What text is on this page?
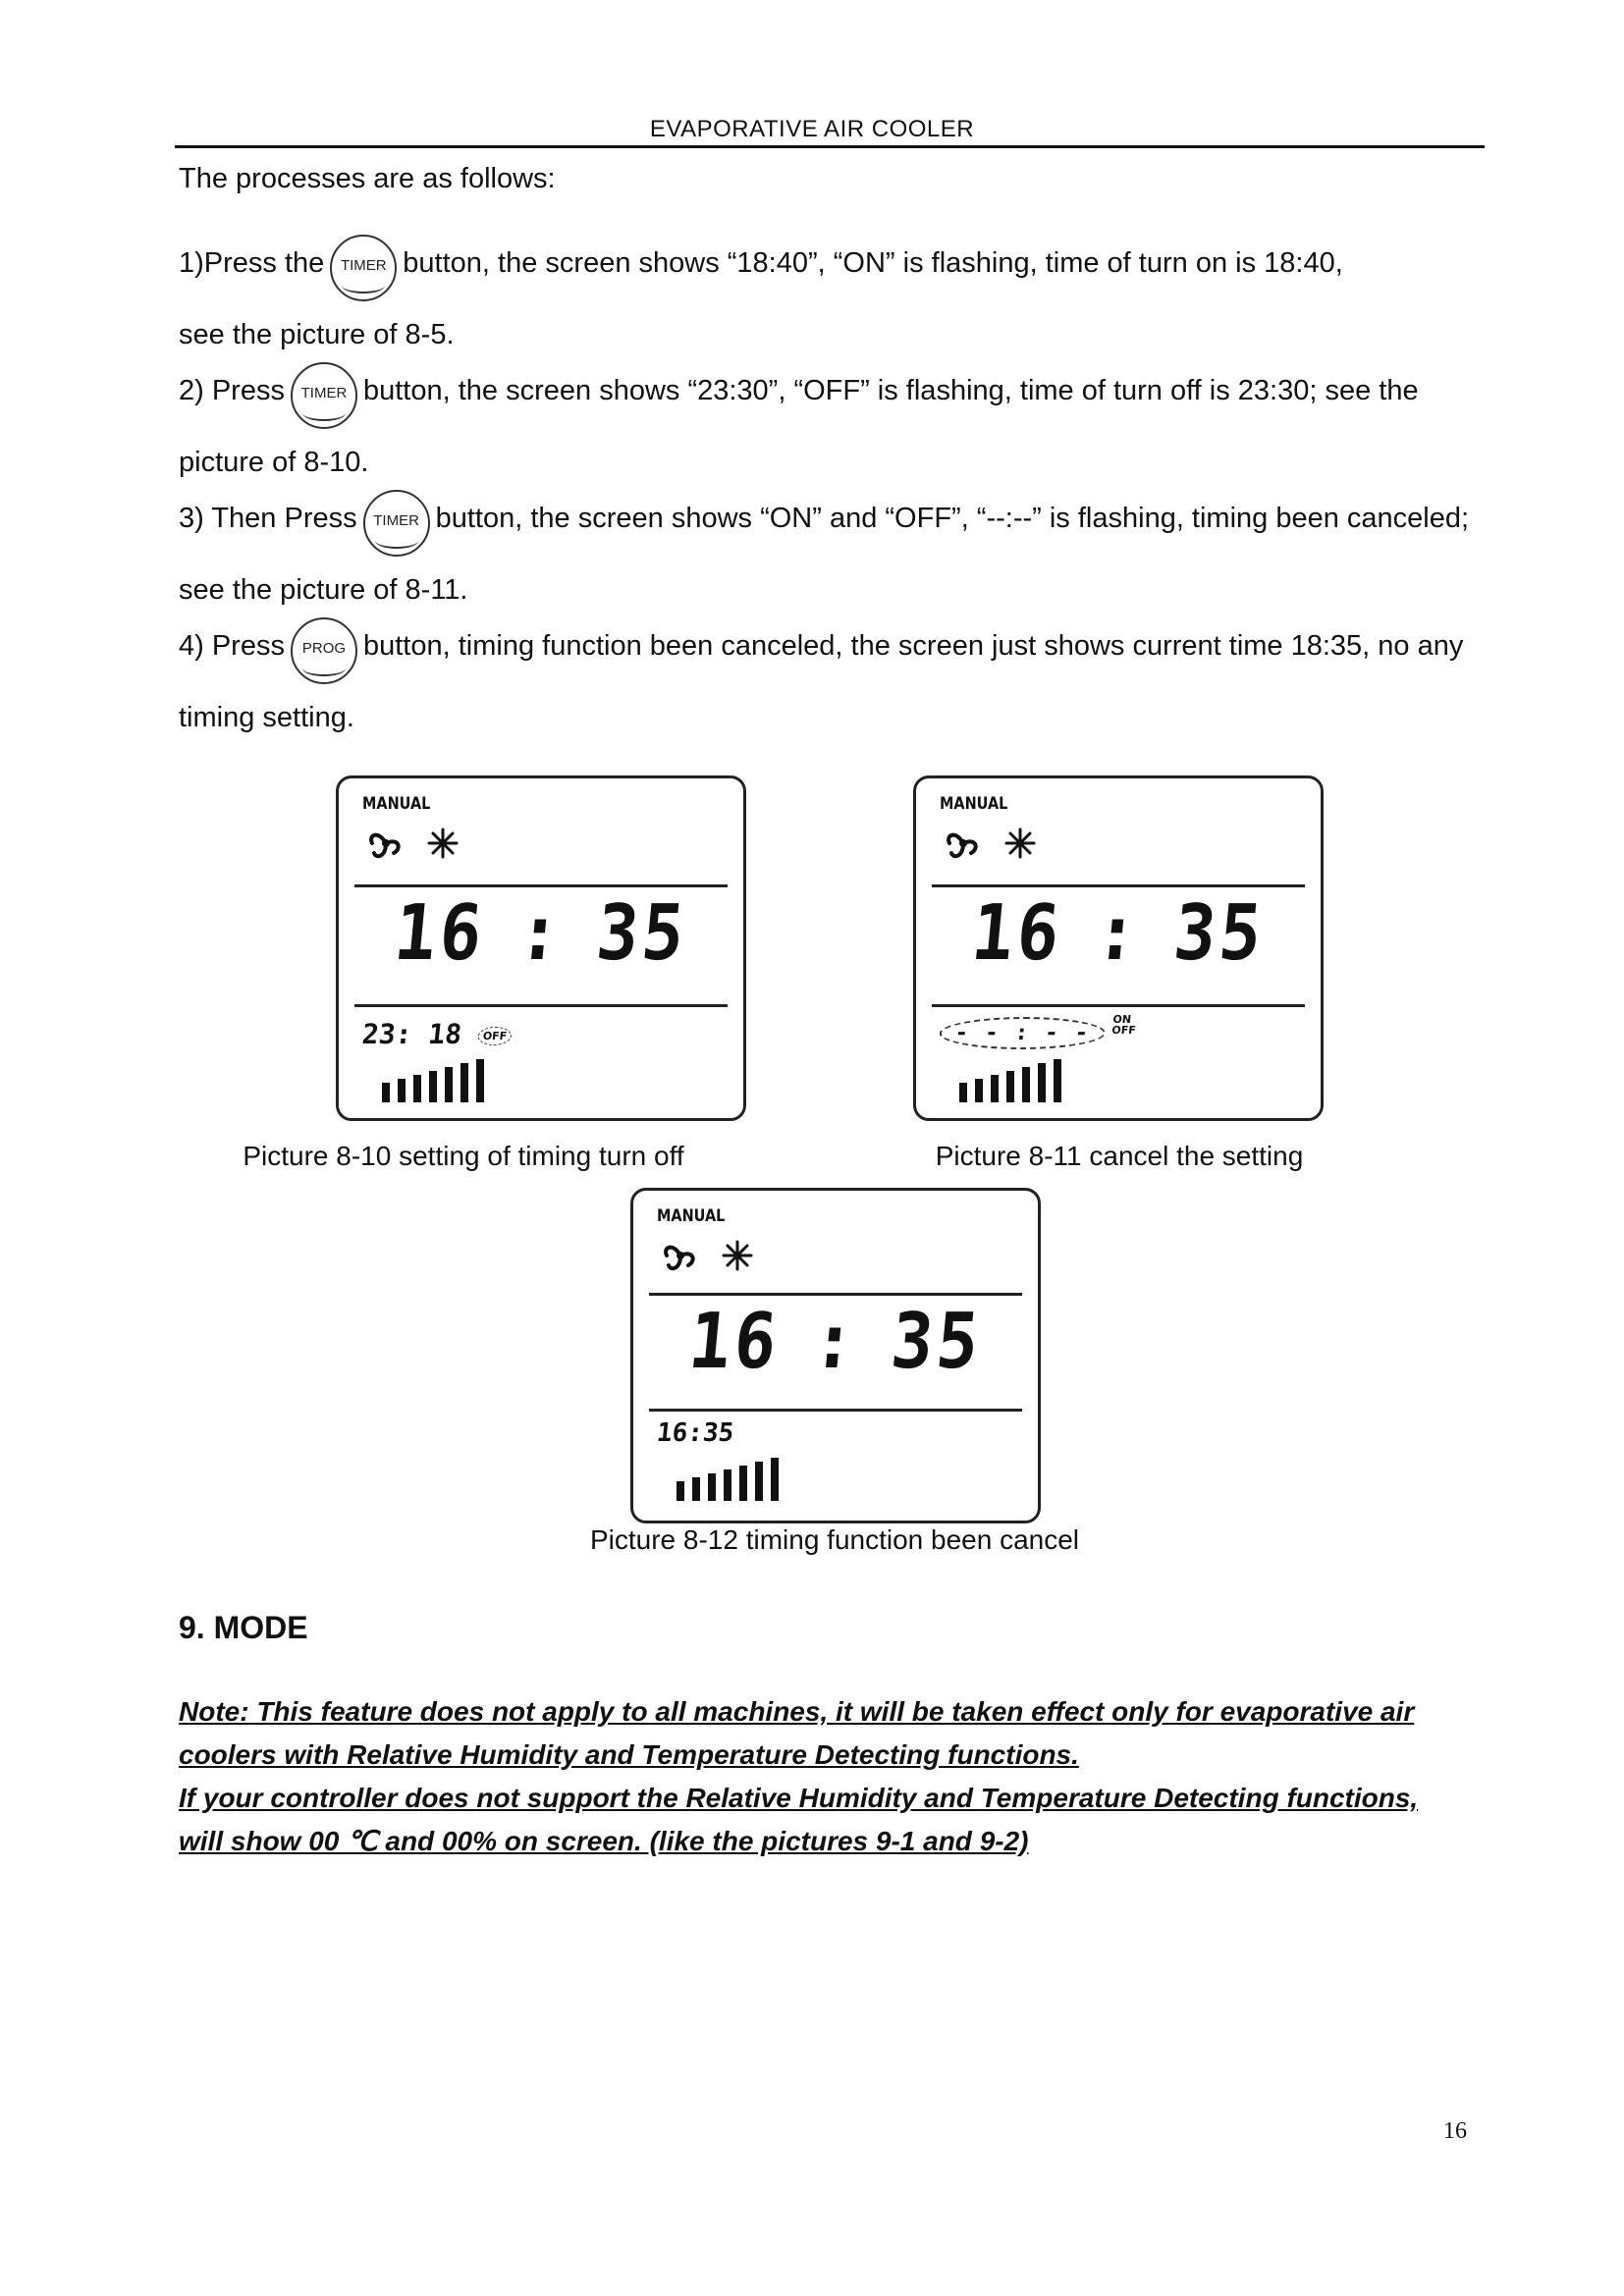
EVAPORATIVE AIR COOLER
The processes are as follows:
1)Press the TIMER button, the screen shows “18:40”, “ON” is flashing, time of turn on is 18:40,
see the picture of 8-5.
2) Press TIMER button, the screen shows “23:30”, “OFF” is flashing, time of turn off is 23:30; see the
picture of 8-10.
3) Then Press TIMER button, the screen shows “ON” and “OFF”, “--:--” is flashing, timing been canceled;
see the picture of 8-11.
4) Press PROG button, timing function been canceled, the screen just shows current time 18:35, no any
timing setting.
MANUAL
16 : 35
23: 18 OFF
Picture 8-10 setting of timing turn off
MANUAL
16 : 35
- - : - -ON
OFF
Picture 8-11 cancel the setting
MANUAL
16 : 35
16:35
Picture 8-12 timing function been cancel
9. MODE
Note: This feature does not apply to all machines, it will be taken effect only for evaporative air
coolers with Relative Humidity and Temperature Detecting functions.
If your controller does not support the Relative Humidity and Temperature Detecting functions,
will show 00 ℃ and 00% on screen. (like the pictures 9-1 and 9-2)
16
